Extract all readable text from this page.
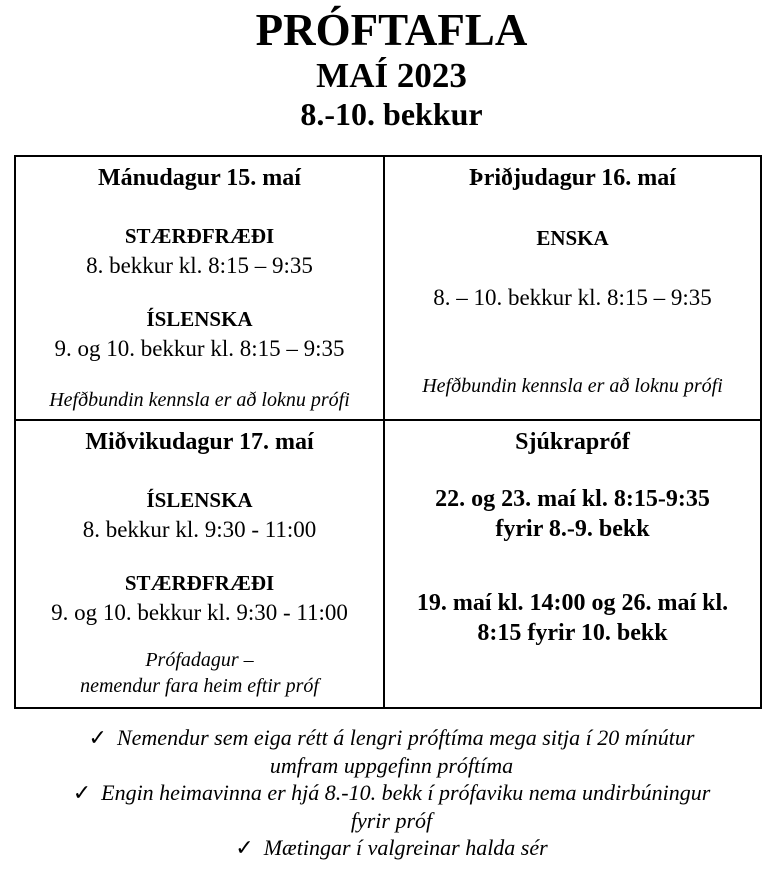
PRÓFTAFLA
MAÍ 2023
8.-10. bekkur
Mánudagur 15. maí
STÆRÐFRÆÐI
8. bekkur kl. 8:15 – 9:35
ÍSLENSKA
9. og 10. bekkur kl. 8:15 – 9:35
Hefðbundin kennsla er að loknu prófi

Þriðjudagur 16. maí
ENSKA
8. – 10. bekkur kl. 8:15 – 9:35
Hefðbundin kennsla er að loknu prófi

Miðvikudagur 17. maí
ÍSLENSKA
8. bekkur kl. 9:30 - 11:00
STÆRÐFRÆÐI
9. og 10. bekkur kl. 9:30 - 11:00
Prófadagur –
nemendur fara heim eftir próf

Sjúkrapróf
22. og 23. maí kl. 8:15-9:35
fyrir 8.-9. bekk
19. maí kl. 14:00 og 26. maí kl.
8:15 fyrir 10. bekk
✓ Nemendur sem eiga rétt á lengri próftíma mega sitja í 20 mínútur umfram uppgefinn próftíma
✓ Engin heimavinna er hjá 8.-10. bekk í prófaviku nema undirbúningur fyrir próf
✓ Mætingar í valgreinar halda sér
